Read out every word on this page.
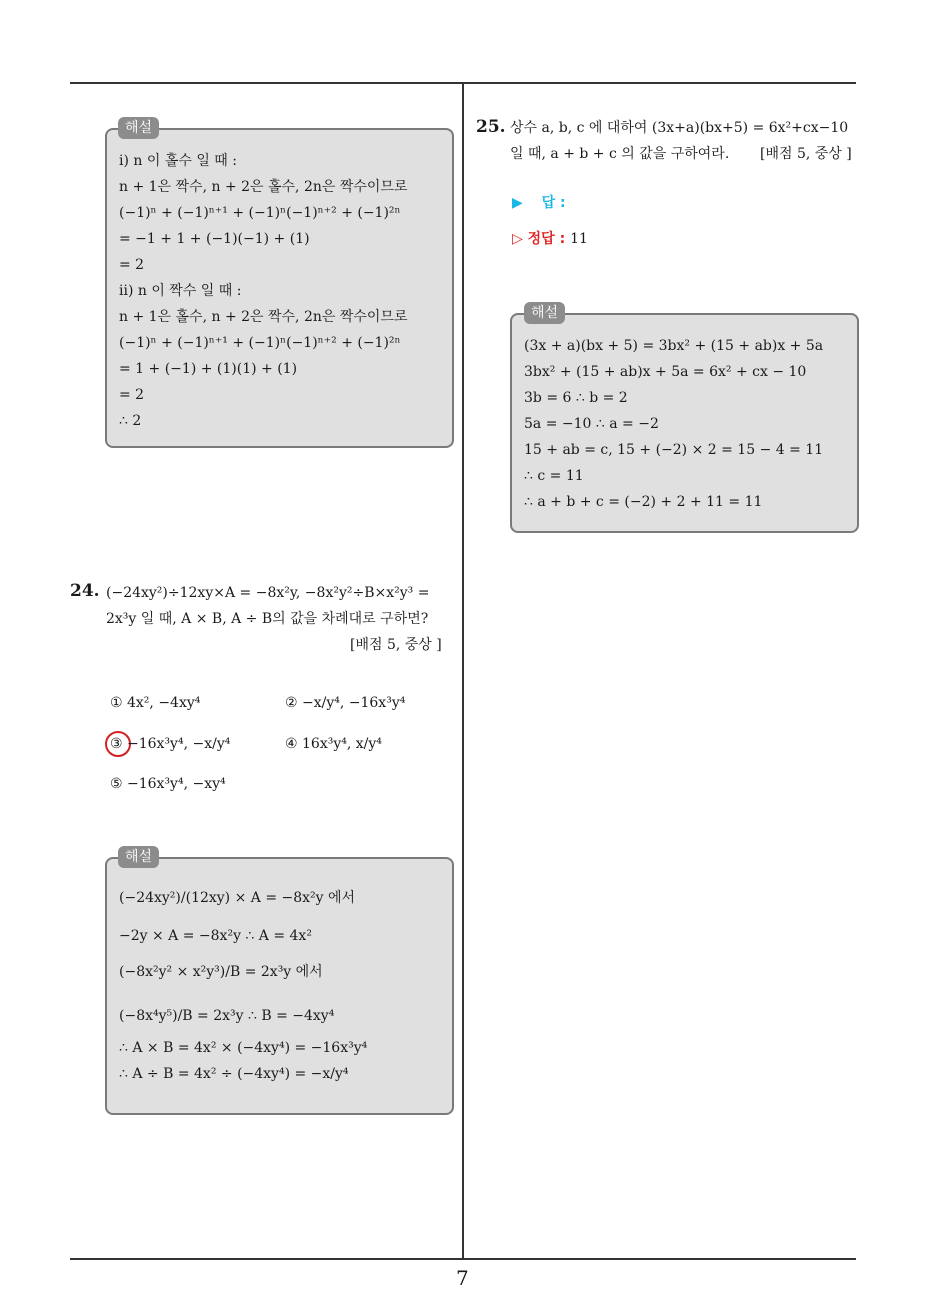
i) n 이 홀수 일 때 :
n + 1은 짝수, n + 2은 홀수, 2n은 짝수이므로
(−1)ⁿ + (−1)ⁿ⁺¹ + (−1)ⁿ(−1)ⁿ⁺² + (−1)²ⁿ
= −1 + 1 + (−1)(−1) + (1)
= 2
ii) n 이 짝수 일 때 :
n + 1은 홀수, n + 2은 짝수, 2n은 짝수이므로
(−1)ⁿ + (−1)ⁿ⁺¹ + (−1)ⁿ(−1)ⁿ⁺² + (−1)²ⁿ
= 1 + (−1) + (1)(1) + (1)
= 2
∴ 2
해설
24. (−24xy²)÷12xy×A = −8x²y, −8x²y²÷B×x²y³ =
2x³y 일 때, A × B, A ÷ B의 값을 차례대로 구하면?
[배점 5, 중상 ]
① 4x², −4xy⁴	② −x/y⁴, −16x³y⁴
③ −16x³y⁴, −x/y⁴	④ 16x³y⁴, x/y⁴
⑤ −16x³y⁴, −xy⁴
(−24xy²)/(12xy) × A = −8x²y 에서
−2y × A = −8x²y ∴ A = 4x²
(−8x²y² × x²y³)/B = 2x³y 에서
(−8x⁴y⁵)/B = 2x³y ∴ B = −4xy⁴
∴ A × B = 4x² × (−4xy⁴) = −16x³y⁴
∴ A ÷ B = 4x² ÷ (−4xy⁴) = −x/y⁴
해설
25. 상수 a, b, c 에 대하여 (3x+a)(bx+5) = 6x²+cx−10
일 때, a + b + c 의 값을 구하여라. [배점 5, 중상 ]
▶ 답 :
▷ 정답 : 11
(3x + a)(bx + 5) = 3bx² + (15 + ab)x + 5a
3bx² + (15 + ab)x + 5a = 6x² + cx − 10
3b = 6 ∴ b = 2
5a = −10 ∴ a = −2
15 + ab = c, 15 + (−2) × 2 = 15 − 4 = 11
∴ c = 11
∴ a + b + c = (−2) + 2 + 11 = 11
해설
7
